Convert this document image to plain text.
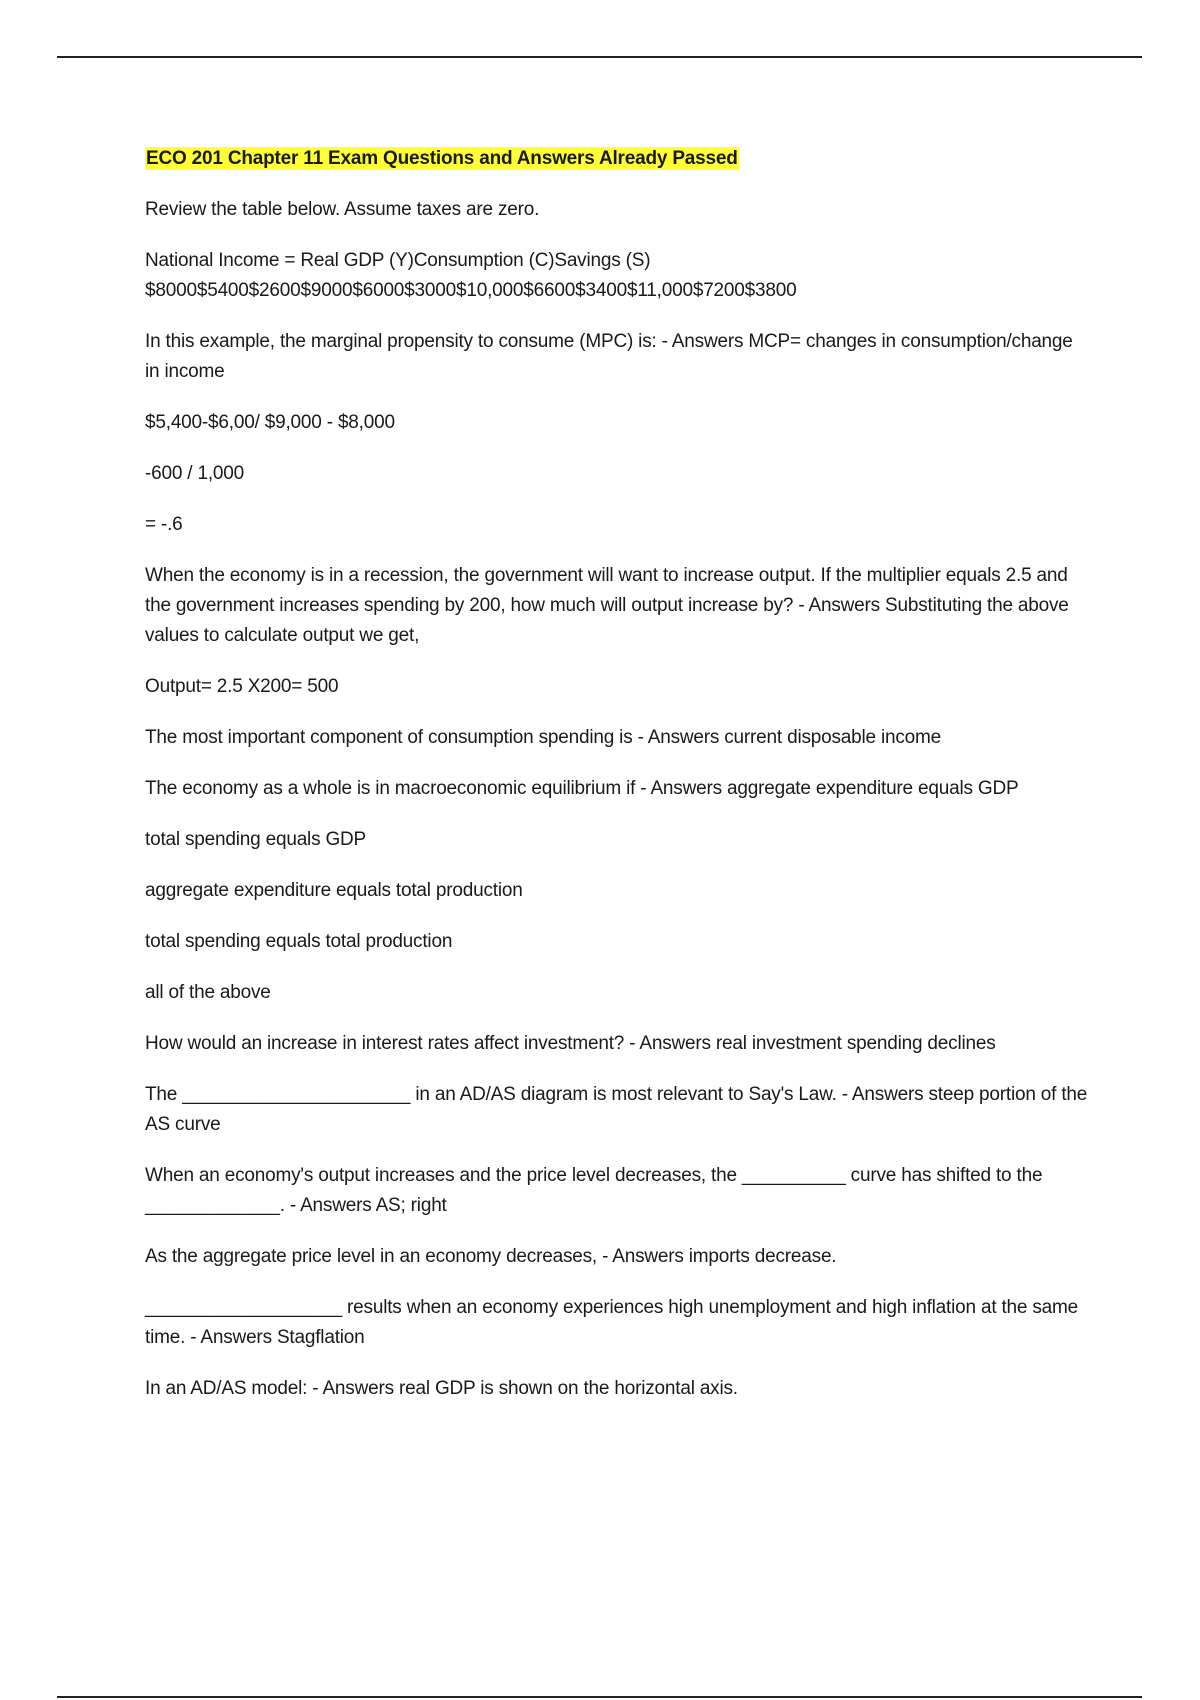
ECO 201 Chapter 11 Exam Questions and Answers Already Passed

Review the table below. Assume taxes are zero.

National Income = Real GDP (Y)Consumption (C)Savings (S)
$8000$5400$2600$9000$6000$3000$10,000$6600$3400$11,000$7200$3800

In this example, the marginal propensity to consume (MPC) is: - Answers MCP= changes in consumption/change in income

$5,400-$6,00/ $9,000 - $8,000

-600 / 1,000

= -.6

When the economy is in a recession, the government will want to increase output. If the multiplier equals 2.5 and the government increases spending by 200, how much will output increase by? - Answers Substituting the above values to calculate output we get,

Output= 2.5 X200= 500

The most important component of consumption spending is - Answers current disposable income

The economy as a whole is in macroeconomic equilibrium if - Answers aggregate expenditure equals GDP

total spending equals GDP

aggregate expenditure equals total production

total spending equals total production

all of the above

How would an increase in interest rates affect investment? - Answers real investment spending declines

The ______________________ in an AD/AS diagram is most relevant to Say's Law. - Answers steep portion of the AS curve

When an economy's output increases and the price level decreases, the __________ curve has shifted to the _____________. - Answers AS; right

As the aggregate price level in an economy decreases, - Answers imports decrease.

___________________ results when an economy experiences high unemployment and high inflation at the same time. - Answers Stagflation

In an AD/AS model: - Answers real GDP is shown on the horizontal axis.
